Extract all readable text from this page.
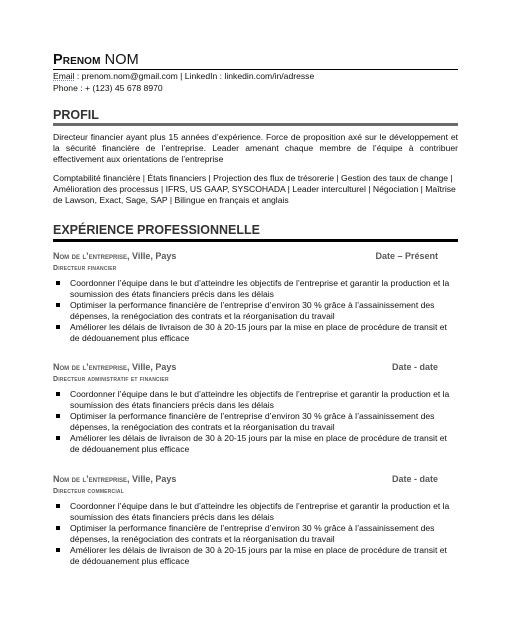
Prenom NOM
Email : prenom.nom@gmail.com | LinkedIn : linkedin.com/in/adresse
Phone : + (123) 45 678 8970
PROFIL
Directeur financier ayant plus 15 années d’expérience. Force de proposition axé sur le développement et la sécurité financière de l’entreprise. Leader amenant chaque membre de l’équipe à contribuer effectivement aux orientations de l’entreprise
Comptabilité financière | États financiers | Projection des flux de trésorerie | Gestion des taux de change | Amélioration des processus | IFRS, US GAAP, SYSCOHADA | Leader interculturel | Négociation | Maîtrise de Lawson, Exact, Sage, SAP | Bilingue en français et anglais
EXPÉRIENCE PROFESSIONNELLE
Nom de l’entreprise, Ville, Pays	Date – Présent
Directeur financier
Coordonner l’équipe dans le but d’atteindre les objectifs de l’entreprise et garantir la production et la soumission des états financiers précis dans les délais
Optimiser la performance financière de l’entreprise d’environ 30 % grâce à l’assainissement des dépenses, la renégociation des contrats et la réorganisation du travail
Améliorer les délais de livraison de 30 à 20-15 jours par la mise en place de procédure de transit et de dédouanement plus efficace
Nom de l’entreprise, Ville, Pays	Date - date
Directeur administratif et financier
Coordonner l’équipe dans le but d’atteindre les objectifs de l’entreprise et garantir la production et la soumission des états financiers précis dans les délais
Optimiser la performance financière de l’entreprise d’environ 30 % grâce à l’assainissement des dépenses, la renégociation des contrats et la réorganisation du travail
Améliorer les délais de livraison de 30 à 20-15 jours par la mise en place de procédure de transit et de dédouanement plus efficace
Nom de l’entreprise, Ville, Pays	Date - date
Directeur commercial
Coordonner l’équipe dans le but d’atteindre les objectifs de l’entreprise et garantir la production et la soumission des états financiers précis dans les délais
Optimiser la performance financière de l’entreprise d’environ 30 % grâce à l’assainissement des dépenses, la renégociation des contrats et la réorganisation du travail
Améliorer les délais de livraison de 30 à 20-15 jours par la mise en place de procédure de transit et de dédouanement plus efficace
